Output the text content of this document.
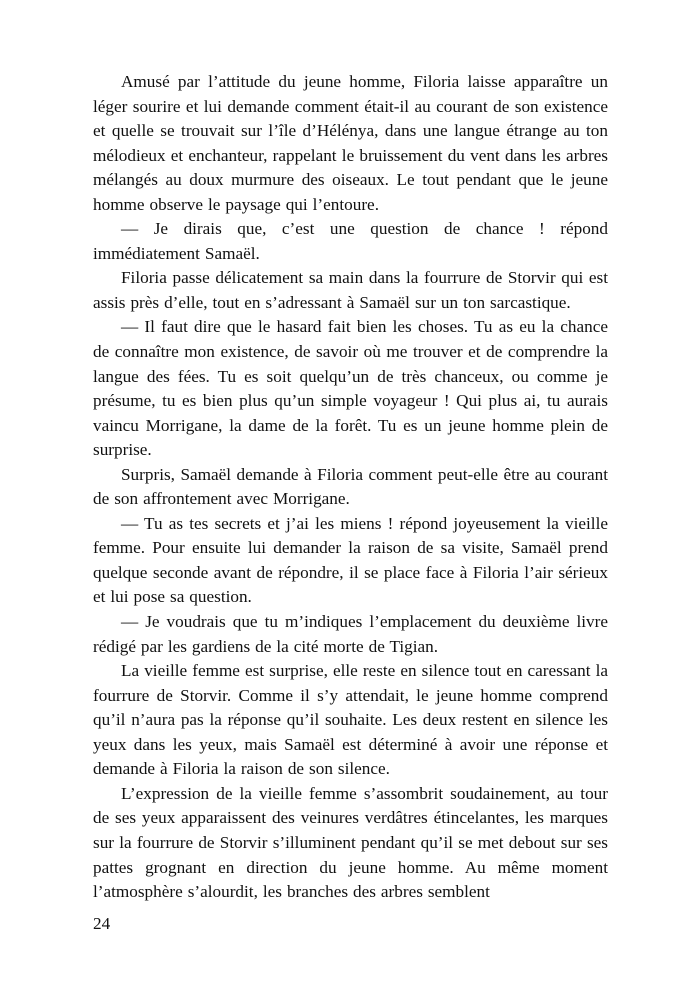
Amusé par l’attitude du jeune homme, Filoria laisse apparaître un léger sourire et lui demande comment était-il au courant de son existence et quelle se trouvait sur l’île d’Hélénya, dans une langue étrange au ton mélodieux et enchanteur, rappelant le bruissement du vent dans les arbres mélangés au doux murmure des oiseaux. Le tout pendant que le jeune homme observe le paysage qui l’entoure.

— Je dirais que, c’est une question de chance ! répond immédiatement Samaël.

Filoria passe délicatement sa main dans la fourrure de Storvir qui est assis près d’elle, tout en s’adressant à Samaël sur un ton sarcastique.

— Il faut dire que le hasard fait bien les choses. Tu as eu la chance de connaître mon existence, de savoir où me trouver et de comprendre la langue des fées. Tu es soit quelqu’un de très chanceux, ou comme je présume, tu es bien plus qu’un simple voyageur ! Qui plus ai, tu aurais vaincu Morrigane, la dame de la forêt. Tu es un jeune homme plein de surprise.

Surpris, Samaël demande à Filoria comment peut-elle être au courant de son affrontement avec Morrigane.

— Tu as tes secrets et j’ai les miens ! répond joyeusement la vieille femme. Pour ensuite lui demander la raison de sa visite, Samaël prend quelque seconde avant de répondre, il se place face à Filoria l’air sérieux et lui pose sa question.

— Je voudrais que tu m’indiques l’emplacement du deuxième livre rédigé par les gardiens de la cité morte de Tigian.

La vieille femme est surprise, elle reste en silence tout en caressant la fourrure de Storvir. Comme il s’y attendait, le jeune homme comprend qu’il n’aura pas la réponse qu’il souhaite. Les deux restent en silence les yeux dans les yeux, mais Samaël est déterminé à avoir une réponse et demande à Filoria la raison de son silence.

L’expression de la vieille femme s’assombrit soudainement, au tour de ses yeux apparaissent des veinures verdâtres étincelantes, les marques sur la fourrure de Storvir s’illuminent pendant qu’il se met debout sur ses pattes grognant en direction du jeune homme. Au même moment l’atmosphère s’alourdit, les branches des arbres semblent

24
